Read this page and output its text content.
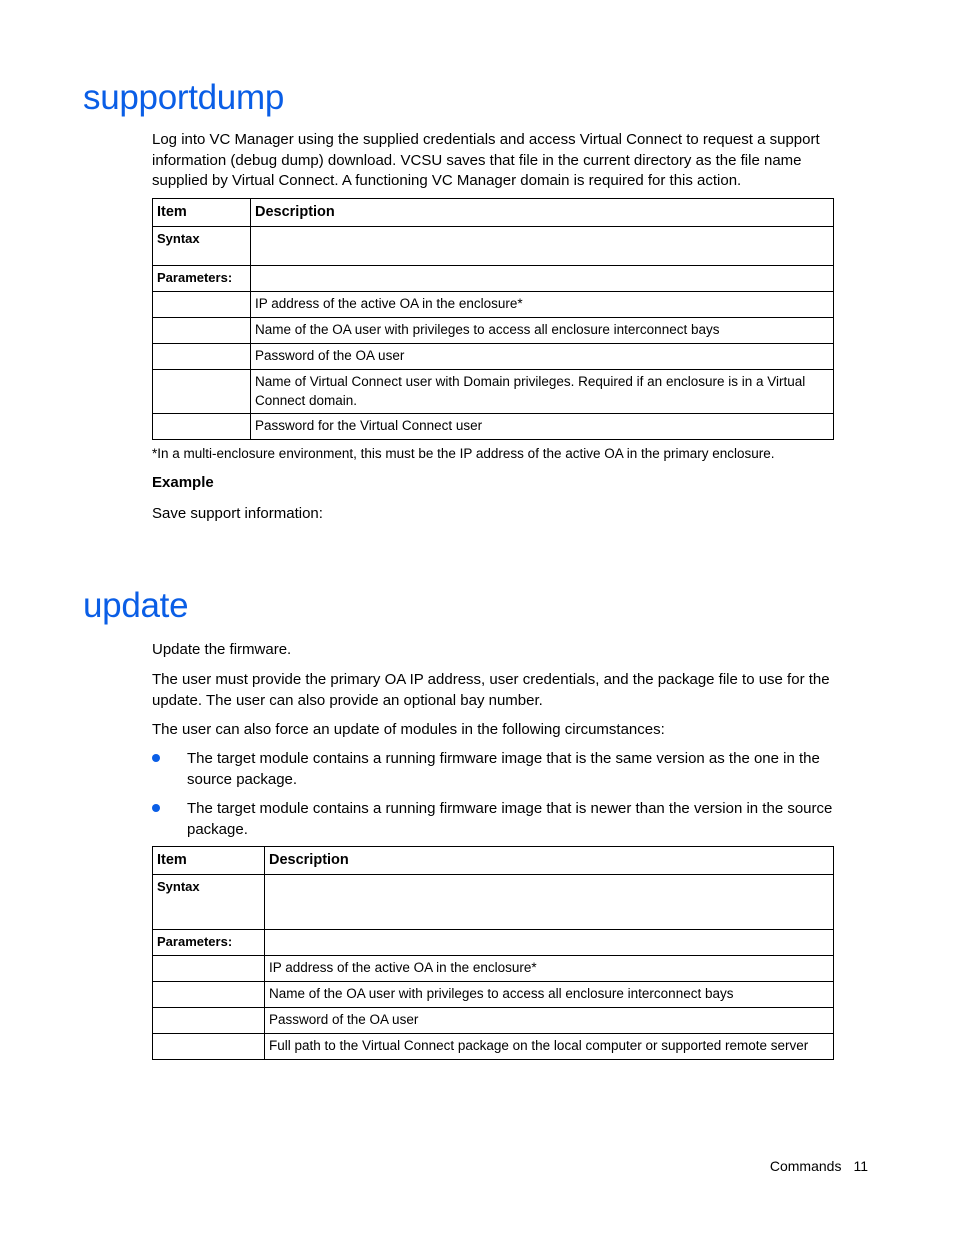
supportdump

Log into VC Manager using the supplied credentials and access Virtual Connect to request a support information (debug dump) download. VCSU saves that file in the current directory as the file name supplied by Virtual Connect. A functioning VC Manager domain is required for this action.

Item	Description
Syntax	
Parameters:	
	IP address of the active OA in the enclosure*
	Name of the OA user with privileges to access all enclosure interconnect bays
	Password of the OA user
	Name of Virtual Connect user with Domain privileges. Required if an enclosure is in a Virtual Connect domain.
	Password for the Virtual Connect user

*In a multi-enclosure environment, this must be the IP address of the active OA in the primary enclosure.

Example

Save support information:

update

Update the firmware.

The user must provide the primary OA IP address, user credentials, and the package file to use for the update. The user can also provide an optional bay number.

The user can also force an update of modules in the following circumstances:

The target module contains a running firmware image that is the same version as the one in the source package.

The target module contains a running firmware image that is newer than the version in the source package.

Item	Description
Syntax	
Parameters:	
	IP address of the active OA in the enclosure*
	Name of the OA user with privileges to access all enclosure interconnect bays
	Password of the OA user
	Full path to the Virtual Connect package on the local computer or supported remote server
Commands 11
